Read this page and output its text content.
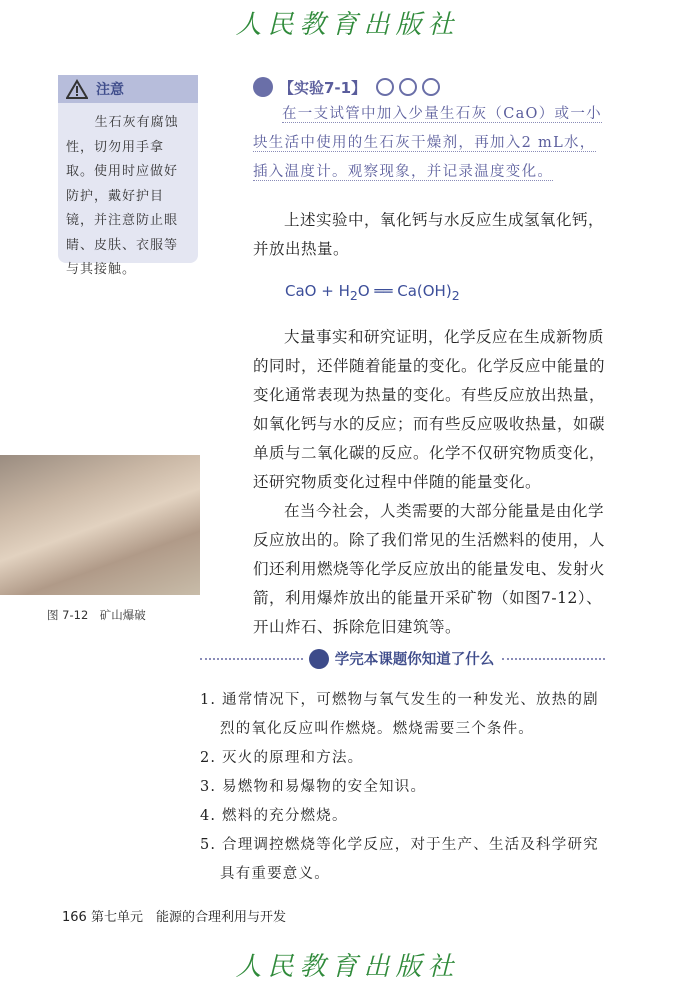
人民教育出版社
注意
生石灰有腐蚀性，切勿用手拿取。使用时应做好防护，戴好护目镜，并注意防止眼睛、皮肤、衣服等与其接触。
【实验7-1】
在一支试管中加入少量生石灰（CaO）或一小
块生活中使用的生石灰干燥剂，再加入2 mL水，
插入温度计。观察现象，并记录温度变化。

上述实验中，氧化钙与水反应生成氢氧化钙，并放出热量。

CaO + $H_2O$ ══ $Ca(OH)_2$

大量事实和研究证明，化学反应在生成新物质的同时，还伴随着能量的变化。化学反应中能量的变化通常表现为热量的变化。有些反应放出热量，如氧化钙与水的反应；而有些反应吸收热量，如碳单质与二氧化碳的反应。化学不仅研究物质变化，还研究物质变化过程中伴随的能量变化。

在当今社会，人类需要的大部分能量是由化学反应放出的。除了我们常见的生活燃料的使用，人们还利用燃烧等化学反应放出的能量发电、发射火箭，利用爆炸放出的能量开采矿物（如图7-12）、开山炸石、拆除危旧建筑等。

图 7-12　矿山爆破
学完本课题你知道了什么
1. 通常情况下，可燃物与氧气发生的一种发光、放热的剧烈的氧化反应叫作燃烧。燃烧需要三个条件。
2. 灭火的原理和方法。
3. 易燃物和易爆物的安全知识。
4. 燃料的充分燃烧。
5. 合理调控燃烧等化学反应，对于生产、生活及科学研究具有重要意义。
166 第七单元　能源的合理利用与开发
人民教育出版社
